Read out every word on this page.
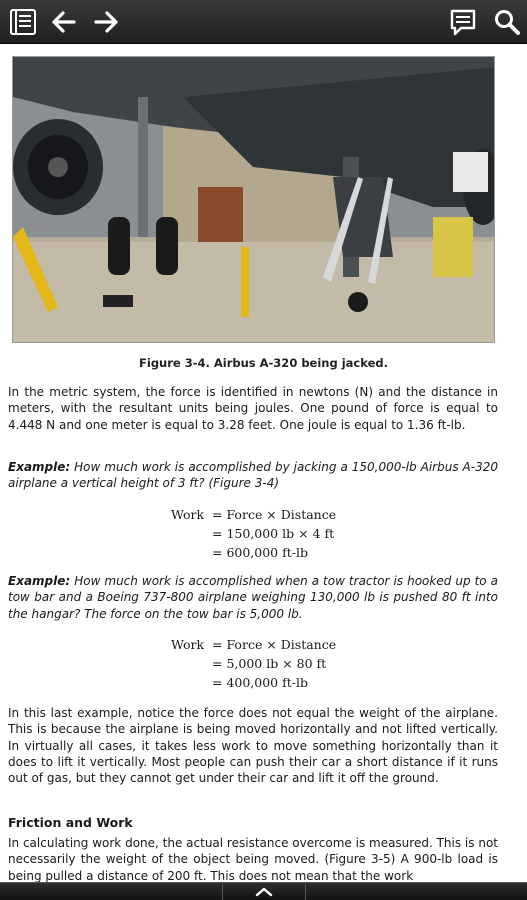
Figure 3-4. Airbus A-320 being jacked.

In the metric system, the force is identified in newtons (N) and the distance in meters, with the resultant units being joules. One pound of force is equal to 4.448 N and one meter is equal to 3.28 feet. One joule is equal to 1.36 ft-lb.

Example: How much work is accomplished by jacking a 150,000-lb Airbus A-320 airplane a vertical height of 3 ft? (Figure 3-4)

Work = Force × Distance
= 150,000 lb × 4 ft
= 600,000 ft-lb

Example: How much work is accomplished when a tow tractor is hooked up to a tow bar and a Boeing 737-800 airplane weighing 130,000 lb is pushed 80 ft into the hangar? The force on the tow bar is 5,000 lb.

Work = Force × Distance
= 5,000 lb × 80 ft
= 400,000 ft-lb

In this last example, notice the force does not equal the weight of the airplane. This is because the airplane is being moved horizontally and not lifted vertically. In virtually all cases, it takes less work to move something horizontally than it does to lift it vertically. Most people can push their car a short distance if it runs out of gas, but they cannot get under their car and lift it off the ground.

Friction and Work

In calculating work done, the actual resistance overcome is measured. This is not necessarily the weight of the object being moved. (Figure 3-5) A 900-lb load is being pulled a distance of 200 ft. This does not mean that the work
